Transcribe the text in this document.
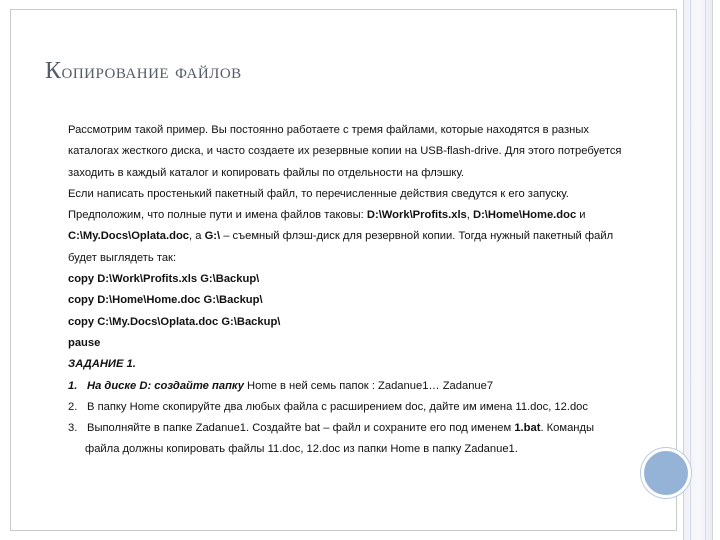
Копирование файлов

Рассмотрим такой пример. Вы постоянно работаете с тремя файлами, которые находятся в разных

каталогах жесткого диска, и часто создаете их резервные копии на USB-flash-drive. Для этого потребуется

заходить в каждый каталог и копировать файлы по отдельности на флэшку.

Если написать простенький пакетный файл, то перечисленные действия сведутся к его запуску.

Предположим, что полные пути и имена файлов таковы: D:\Work\Profits.xls, D:\Home\Home.doc и

C:\My.Docs\Oplata.doc, а G:\ – съемный флэш-диск для резервной копии. Тогда нужный пакетный файл

будет выглядеть так:

copy D:\Work\Profits.xls G:\Backup\

copy D:\Home\Home.doc G:\Backup\

copy C:\My.Docs\Oplata.doc G:\Backup\

pause

ЗАДАНИЕ 1.

1. На диске D: создайте папку Home в ней семь папок : Zadanue1… Zadanue7

2. В папку Home скопируйте два любых файла с расширением doc, дайте им имена 11.doc, 12.doc

3. Выполняйте в папке Zadanue1. Создайте bat – файл и сохраните его под именем 1.bat. Команды

файла должны копировать файлы 11.doc, 12.doc из папки Home в папку Zadanue1.
